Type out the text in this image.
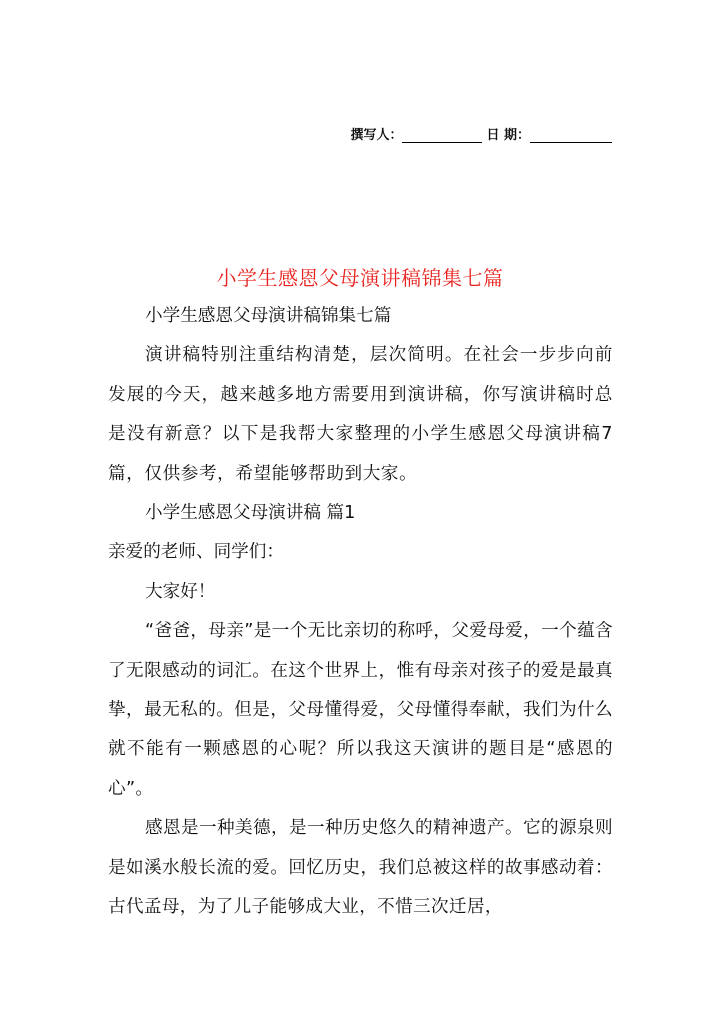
撰写人：	日 期：
小学生感恩父母演讲稿锦集七篇

小学生感恩父母演讲稿锦集七篇

演讲稿特别注重结构清楚，层次简明。在社会一步步向前发展的今天，越来越多地方需要用到演讲稿，你写演讲稿时总是没有新意？以下是我帮大家整理的小学生感恩父母演讲稿7篇，仅供参考，希望能够帮助到大家。

小学生感恩父母演讲稿 篇1

亲爱的老师、同学们：

大家好！

“爸爸，母亲”是一个无比亲切的称呼，父爱母爱，一个蕴含了无限感动的词汇。在这个世界上，惟有母亲对孩子的爱是最真挚，最无私的。但是，父母懂得爱，父母懂得奉献，我们为什么就不能有一颗感恩的心呢？所以我这天演讲的题目是“感恩的心”。

感恩是一种美德，是一种历史悠久的精神遗产。它的源泉则是如溪水般长流的爱。回忆历史，我们总被这样的故事感动着：古代孟母，为了儿子能够成大业，不惜三次迁居，
